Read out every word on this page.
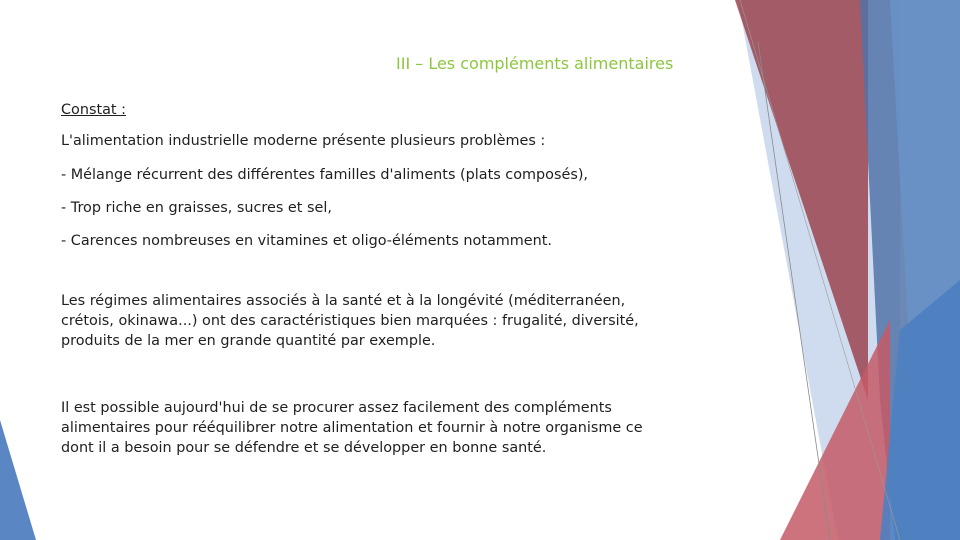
III – Les compléments alimentaires
Constat :
L'alimentation industrielle moderne présente plusieurs problèmes :
- Mélange récurrent des différentes familles d'aliments (plats composés),
- Trop riche en graisses, sucres et sel,
- Carences nombreuses en vitamines et oligo-éléments notamment.
Les régimes alimentaires associés à la santé et à la longévité (méditerranéen,
crétois, okinawa...) ont des caractéristiques bien marquées : frugalité, diversité,
produits de la mer en grande quantité par exemple.
Il est possible aujourd'hui de se procurer assez facilement des compléments
alimentaires pour rééquilibrer notre alimentation et fournir à notre organisme ce
dont il a besoin pour se défendre et se développer en bonne santé.
